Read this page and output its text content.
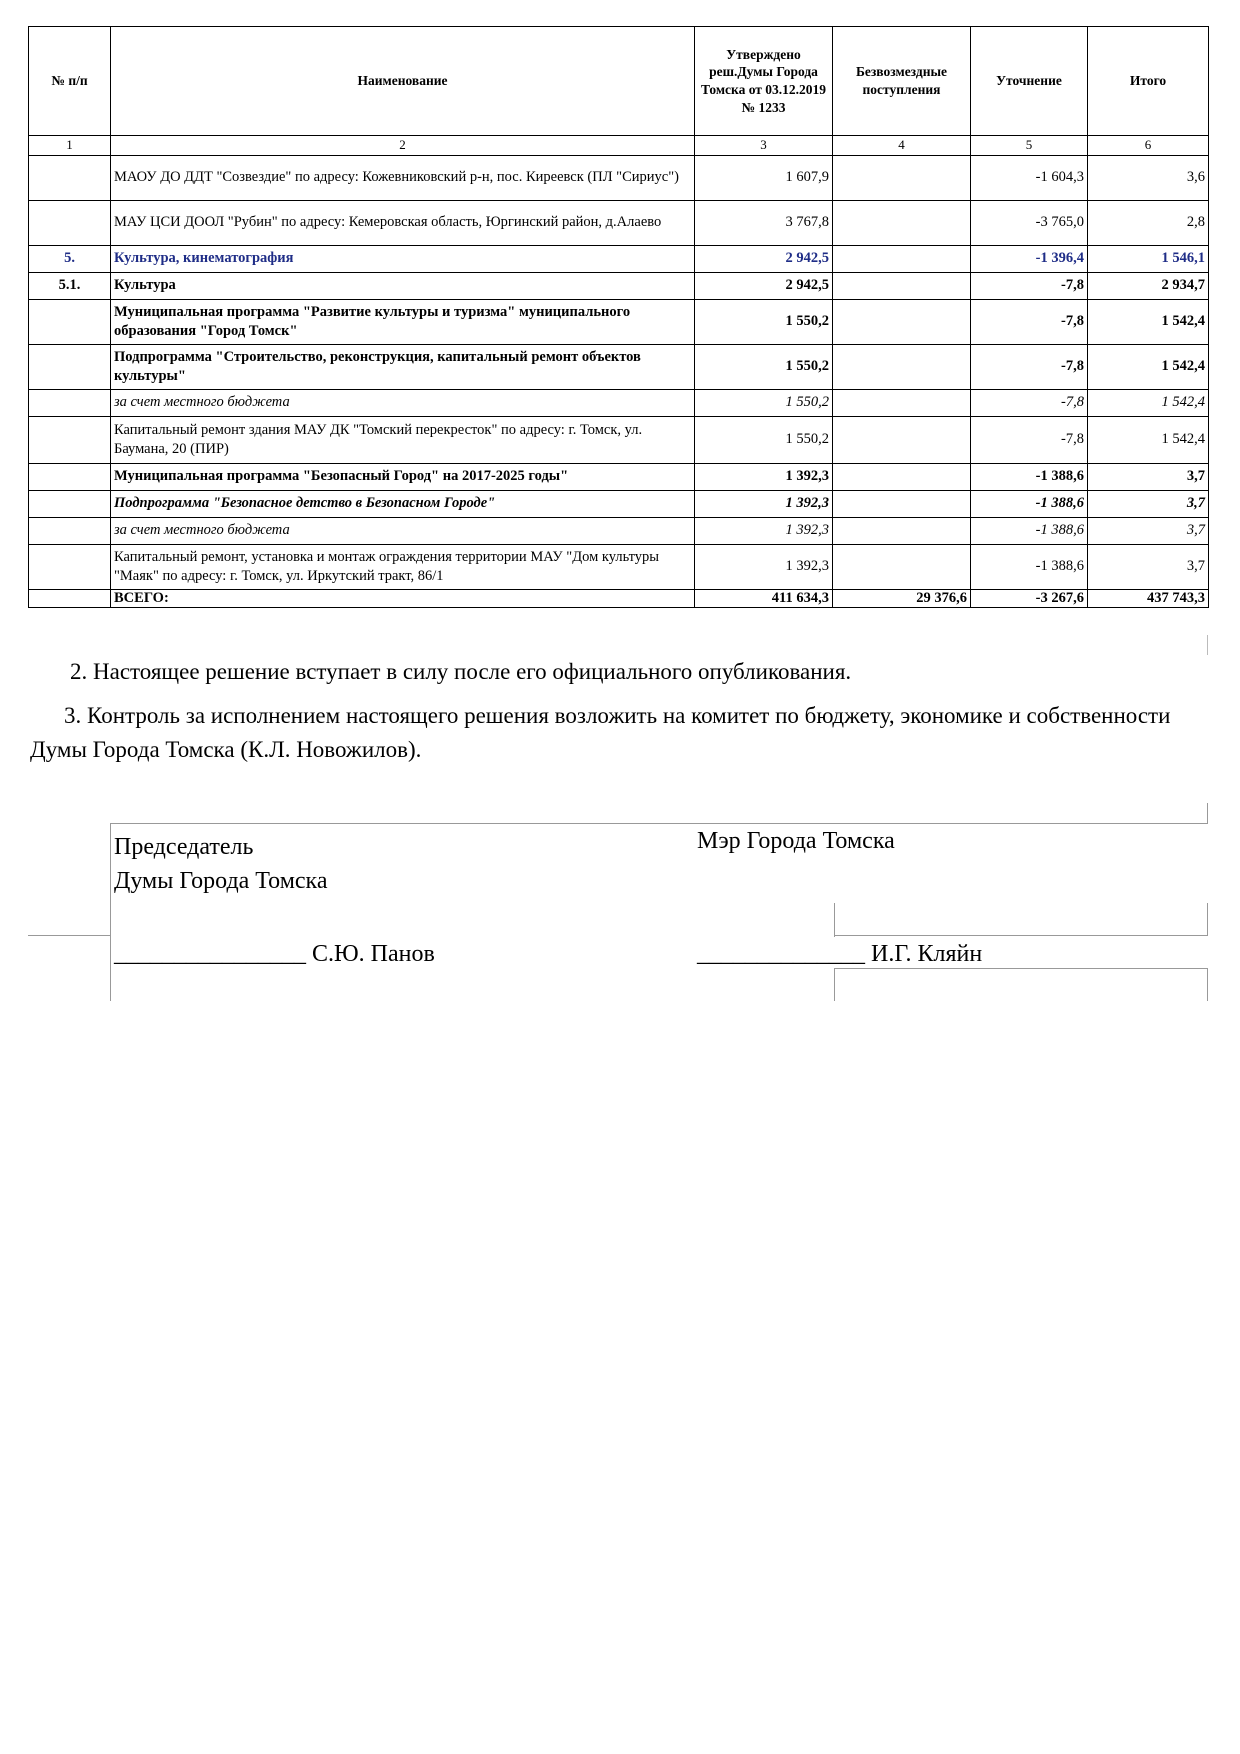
№ п/п	Наименование	Утверждено реш.Думы Города Томска от 03.12.2019 № 1233	Безвозмездные поступления	Уточнение	Итого
1	2	3	4	5	6
	МАОУ ДО ДДТ "Созвездие" по адресу: Кожевниковский р-н, пос. Киреевск (ПЛ "Сириус")	1 607,9		-1 604,3	3,6
	МАУ ЦСИ ДООЛ "Рубин" по адресу: Кемеровская область, Юргинский район, д.Алаево	3 767,8		-3 765,0	2,8
5.	Культура, кинематография	2 942,5		-1 396,4	1 546,1
5.1.	Культура	2 942,5		-7,8	2 934,7
	Муниципальная программа "Развитие культуры и туризма" муниципального образования "Город Томск"	1 550,2		-7,8	1 542,4
	Подпрограмма "Строительство, реконструкция, капитальный ремонт объектов культуры"	1 550,2		-7,8	1 542,4
	за счет местного бюджета	1 550,2		-7,8	1 542,4
	Капитальный ремонт здания МАУ ДК "Томский перекресток" по адресу: г. Томск, ул. Баумана, 20 (ПИР)	1 550,2		-7,8	1 542,4
	Муниципальная программа "Безопасный Город" на 2017-2025 годы"	1 392,3		-1 388,6	3,7
	Подпрограмма "Безопасное детство в Безопасном Городе"	1 392,3		-1 388,6	3,7
	за счет местного бюджета	1 392,3		-1 388,6	3,7
	Капитальный ремонт, установка и монтаж ограждения территории МАУ "Дом культуры "Маяк" по адресу: г. Томск, ул. Иркутский тракт, 86/1	1 392,3		-1 388,6	3,7
	ВСЕГО:	411 634,3	29 376,6	-3 267,6	437 743,3
2. Настоящее решение вступает в силу после его официального опубликования.
3. Контроль за исполнением настоящего решения возложить на комитет по бюджету, экономике и собственности Думы Города Томска (К.Л. Новожилов).
Председатель
Думы Города Томска
________________ С.Ю. Панов
Мэр Города Томска
______________ И.Г. Кляйн
